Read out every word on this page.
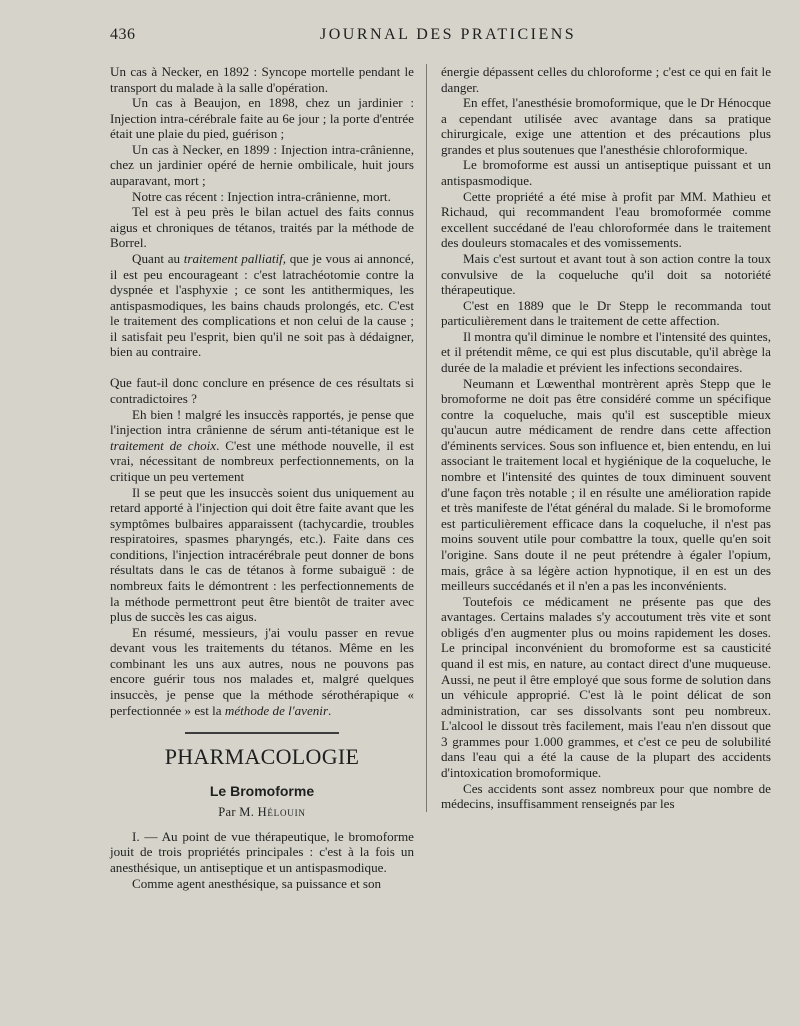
436	JOURNAL DES PRATICIENS

Un cas à Necker, en 1892 : Syncope mortelle pendant le transport du malade à la salle d'opération.

Un cas à Beaujon, en 1898, chez un jardinier : Injection intra-cérébrale faite au 6e jour ; la porte d'entrée était une plaie du pied, guérison ;

Un cas à Necker, en 1899 : Injection intra-crânienne, chez un jardinier opéré de hernie ombilicale, huit jours auparavant, mort ;

Notre cas récent : Injection intra-crânienne, mort.

Tel est à peu près le bilan actuel des faits connus aigus et chroniques de tétanos, traités par la méthode de Borrel.

Quant au traitement palliatif, que je vous ai annoncé, il est peu encourageant : c'est latrachéotomie contre la dyspnée et l'asphyxie ; ce sont les antithermiques, les antispasmodiques, les bains chauds prolongés, etc. C'est le traitement des complications et non celui de la cause ; il satisfait peu l'esprit, bien qu'il ne soit pas à dédaigner, bien au contraire.

Que faut-il donc conclure en présence de ces résultats si contradictoires ?

Eh bien ! malgré les insuccès rapportés, je pense que l'injection intra crânienne de sérum anti-tétanique est le traitement de choix. C'est une méthode nouvelle, il est vrai, nécessitant de nombreux perfectionnements, on la critique un peu vertement

Il se peut que les insuccès soient dus uniquement au retard apporté à l'injection qui doit être faite avant que les symptômes bulbaires apparaissent (tachycardie, troubles respiratoires, spasmes pharyngés, etc.). Faite dans ces conditions, l'injection intracérébrale peut donner de bons résultats dans le cas de tétanos à forme subaiguë : de nombreux faits le démontrent : les perfectionnements de la méthode permettront peut être bientôt de traiter avec plus de succès les cas aigus.

En résumé, messieurs, j'ai voulu passer en revue devant vous les traitements du tétanos. Même en les combinant les uns aux autres, nous ne pouvons pas encore guérir tous nos malades et, malgré quelques insuccès, je pense que la méthode sérothérapique « perfectionnée » est la méthode de l'avenir.

PHARMACOLOGIE
Le Bromoforme
Par M. Hélouin

I. — Au point de vue thérapeutique, le bromoforme jouit de trois propriétés principales : c'est à la fois un anesthésique, un antiseptique et un antispasmodique.

Comme agent anesthésique, sa puissance et son

énergie dépassent celles du chloroforme ; c'est ce qui en fait le danger.

En effet, l'anesthésie bromoformique, que le Dr Hénocque a cependant utilisée avec avantage dans sa pratique chirurgicale, exige une attention et des précautions plus grandes et plus soutenues que l'anesthésie chloroformique.

Le bromoforme est aussi un antiseptique puissant et un antispasmodique.

Cette propriété a été mise à profit par MM. Mathieu et Richaud, qui recommandent l'eau bromoformée comme excellent succédané de l'eau chloroformée dans le traitement des douleurs stomacales et des vomissements.

Mais c'est surtout et avant tout à son action contre la toux convulsive de la coqueluche qu'il doit sa notoriété thérapeutique.

C'est en 1889 que le Dr Stepp le recommanda tout particulièrement dans le traitement de cette affection.

Il montra qu'il diminue le nombre et l'intensité des quintes, et il prétendit même, ce qui est plus discutable, qu'il abrège la durée de la maladie et prévient les infections secondaires.

Neumann et Lœwenthal montrèrent après Stepp que le bromoforme ne doit pas être considéré comme un spécifique contre la coqueluche, mais qu'il est susceptible mieux qu'aucun autre médicament de rendre dans cette affection d'éminents services. Sous son influence et, bien entendu, en lui associant le traitement local et hygiénique de la coqueluche, le nombre et l'intensité des quintes de toux diminuent souvent d'une façon très notable ; il en résulte une amélioration rapide et très manifeste de l'état général du malade. Si le bromoforme est particulièrement efficace dans la coqueluche, il n'est pas moins souvent utile pour combattre la toux, quelle qu'en soit l'origine. Sans doute il ne peut prétendre à égaler l'opium, mais, grâce à sa légère action hypnotique, il en est un des meilleurs succédanés et il n'en a pas les inconvénients.

Toutefois ce médicament ne présente pas que des avantages. Certains malades s'y accoutument très vite et sont obligés d'en augmenter plus ou moins rapidement les doses. Le principal inconvénient du bromoforme est sa causticité quand il est mis, en nature, au contact direct d'une muqueuse. Aussi, ne peut il être employé que sous forme de solution dans un véhicule approprié. C'est là le point délicat de son administration, car ses dissolvants sont peu nombreux. L'alcool le dissout très facilement, mais l'eau n'en dissout que 3 grammes pour 1.000 grammes, et c'est ce peu de solubilité dans l'eau qui a été la cause de la plupart des accidents d'intoxication bromoformique.

Ces accidents sont assez nombreux pour que nombre de médecins, insuffisamment renseignés par les
